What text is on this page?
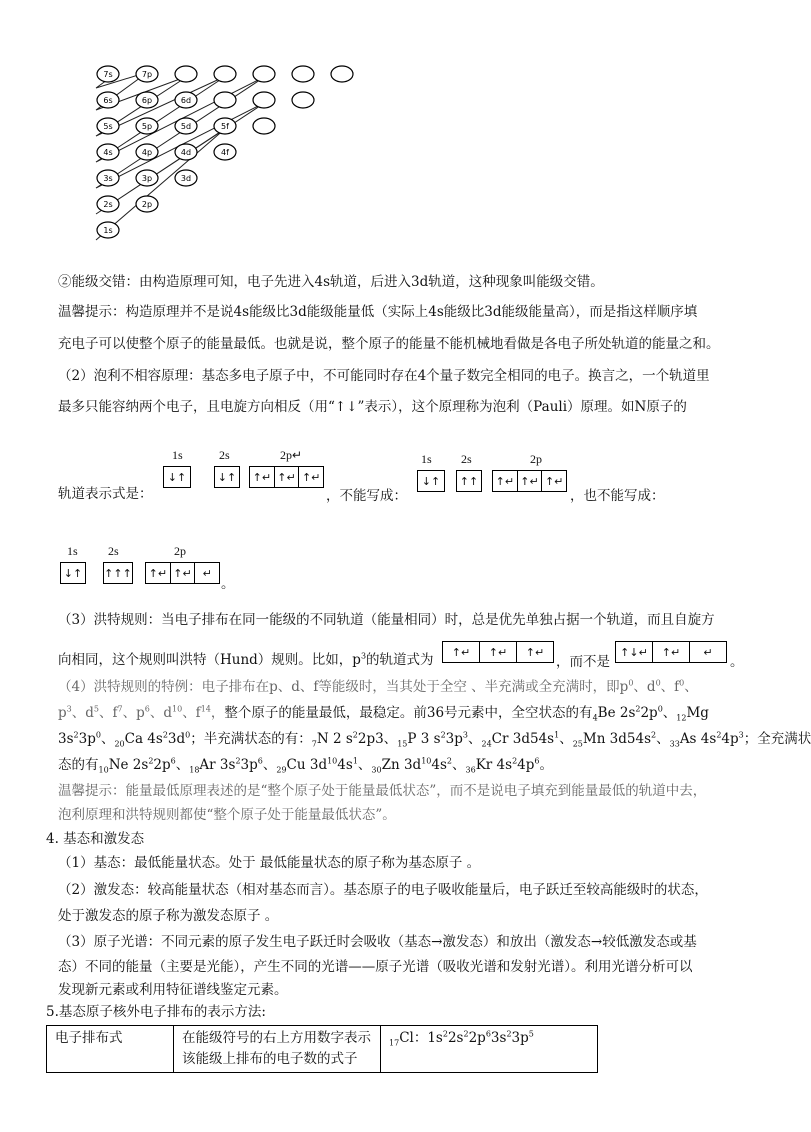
7s	7p
6s	6p	6d
5s	5p	5d	5f
4s	4p	4d	4f
3s	3p	3d
2s	2p
1s
②能级交错：由构造原理可知，电子先进入4s轨道，后进入3d轨道，这种现象叫能级交错。
温馨提示：构造原理并不是说4s能级比3d能级能量低（实际上4s能级比3d能级能量高），而是指这样顺序填
充电子可以使整个原子的能量最低。也就是说，整个原子的能量不能机械地看做是各电子所处轨道的能量之和。
（2）泡利不相容原理：基态多电子原子中，不可能同时存在4个量子数完全相同的电子。换言之，一个轨道里
最多只能容纳两个电子，且电旋方向相反（用“↑↓”表示），这个原理称为泡利（Pauli）原理。如N原子的
1s	2s	2p↵
↓↑	↓↑ ↑↵ ↑↵ ↑↵
轨道表示式是：	，不能写成：
1s 2s	2p
↓↑	↑↑ ↑↵ ↑↵ ↑↵
，也不能写成：
1s	2s	2p
↓↑ ↑↑↑ ↑↵ ↑↵ ↵
。
（3）洪特规则：当电子排布在同一能级的不同轨道（能量相同）时，总是优先单独占据一个轨道，而且自旋方
向相同，这个规则叫洪特（Hund）规则。比如，$p^3$的轨道式为	↑↵	↑↵	↑↵
，而不是
↑↓↵	↑↵	↵
。
（4）洪特规则的特例：电子排布在p、d、f等能级时，当其处于全空 、半充满或全充满时，即$p^0$、$d^0$、$f^0$、
$p^3$、$d^5$、$f^7$、$p^6$、$d^{10}$、$f^{14}$，整个原子的能量最低，最稳定。前36号元素中，全空状态的有$_4$Be $2s^22p^0$、$_{12}$Mg
$3s^23p^0$、$_{20}$Ca $4s^23d^0$；半充满状态的有：$_7$N 2 $s^22p3$、$_{15}$P 3 $s^23p^3$、$_{24}$Cr $3d54s^1$、$_{25}$Mn $3d54s^2$、$_{33}$As $4s^24p^3$；全充满状
态的有$_{10}$Ne $2s^22p^6$、$_{18}$Ar $3s^23p^6$、$_{29}$Cu $3d^{10}4s^1$、$_{30}$Zn $3d^{10}4s^2$、$_{36}$Kr $4s^24p^6$。
温馨提示：能量最低原理表述的是“整个原子处于能量最低状态”，而不是说电子填充到能量最低的轨道中去，
泡利原理和洪特规则都使“整个原子处于能量最低状态”。
4. 基态和激发态
（1）基态：最低能量状态。处于 最低能量状态的原子称为基态原子 。
（2）激发态：较高能量状态（相对基态而言）。基态原子的电子吸收能量后，电子跃迁至较高能级时的状态，
处于激发态的原子称为激发态原子 。
（3）原子光谱：不同元素的原子发生电子跃迁时会吸收（基态→激发态）和放出（激发态→较低激发态或基
态）不同的能量（主要是光能），产生不同的光谱——原子光谱（吸收光谱和发射光谱）。利用光谱分析可以
发现新元素或利用特征谱线鉴定元素。
5.基态原子核外电子排布的表示方法:
电子排布式	在能级符号的右上方用数字表示
该能级上排布的电子数的式子
	$_{17}$Cl：$1s^22s^22p^63s^23p^5$
